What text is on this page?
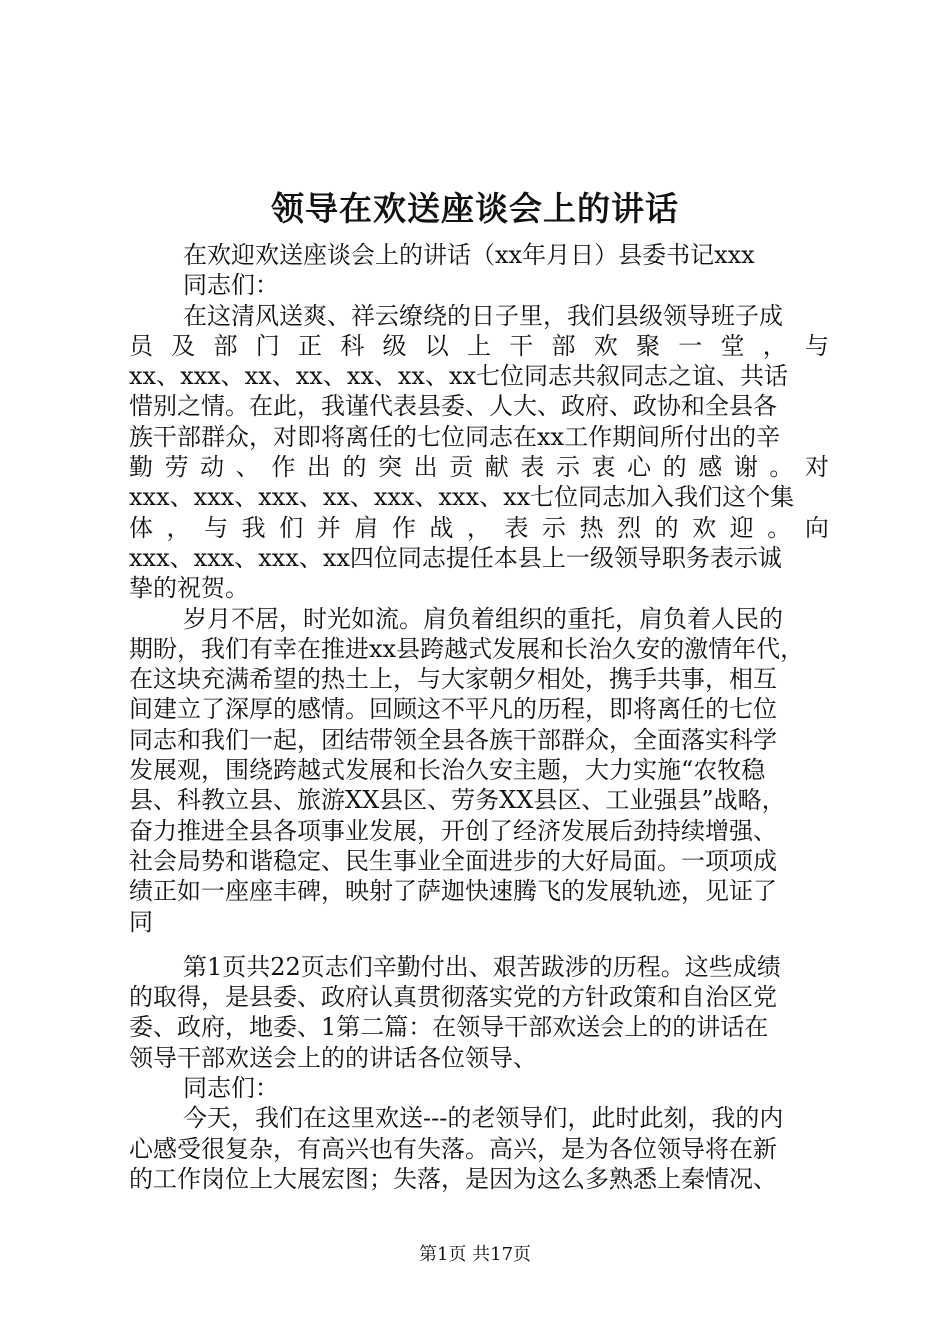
领导在欢送座谈会上的讲话
在欢迎欢送座谈会上的讲话（xx年月日）县委书记xxx
同志们：
在这清风送爽、祥云缭绕的日子里，我们县级领导班子成
员 及 部 门 正 科 级 以 上 干 部 欢 聚 一 堂 ， 与
xx、xxx、xx、xx、xx、xx、xx七位同志共叙同志之谊、共话
惜别之情。在此，我谨代表县委、人大、政府、政协和全县各
族干部群众，对即将离任的七位同志在xx工作期间所付出的辛
勤 劳 动 、 作 出 的 突 出 贡 献 表 示 衷 心 的 感 谢 。 对
xxx、xxx、xxx、xx、xxx、xxx、xx七位同志加入我们这个集
体 ， 与 我 们 并 肩 作 战 ， 表 示 热 烈 的 欢 迎 。 向
xxx、xxx、xxx、xx四位同志提任本县上一级领导职务表示诚
挚的祝贺。
岁月不居，时光如流。肩负着组织的重托，肩负着人民的
期盼，我们有幸在推进xx县跨越式发展和长治久安的激情年代，
在这块充满希望的热土上，与大家朝夕相处，携手共事，相互
间建立了深厚的感情。回顾这不平凡的历程，即将离任的七位
同志和我们一起，团结带领全县各族干部群众，全面落实科学
发展观，围绕跨越式发展和长治久安主题，大力实施“农牧稳
县、科教立县、旅游XX县区、劳务XX县区、工业强县”战略，
奋力推进全县各项事业发展，开创了经济发展后劲持续增强、
社会局势和谐稳定、民生事业全面进步的大好局面。一项项成
绩正如一座座丰碑，映射了萨迦快速腾飞的发展轨迹，见证了
同
第1页共22页志们辛勤付出、艰苦跋涉的历程。这些成绩
的取得，是县委、政府认真贯彻落实党的方针政策和自治区党
委、政府，地委、1第二篇：在领导干部欢送会上的的讲话在
领导干部欢送会上的的讲话各位领导、
同志们：
今天，我们在这里欢送---的老领导们，此时此刻，我的内
心感受很复杂，有高兴也有失落。高兴，是为各位领导将在新
的工作岗位上大展宏图；失落，是因为这么多熟悉上秦情况、
第1页 共17页
